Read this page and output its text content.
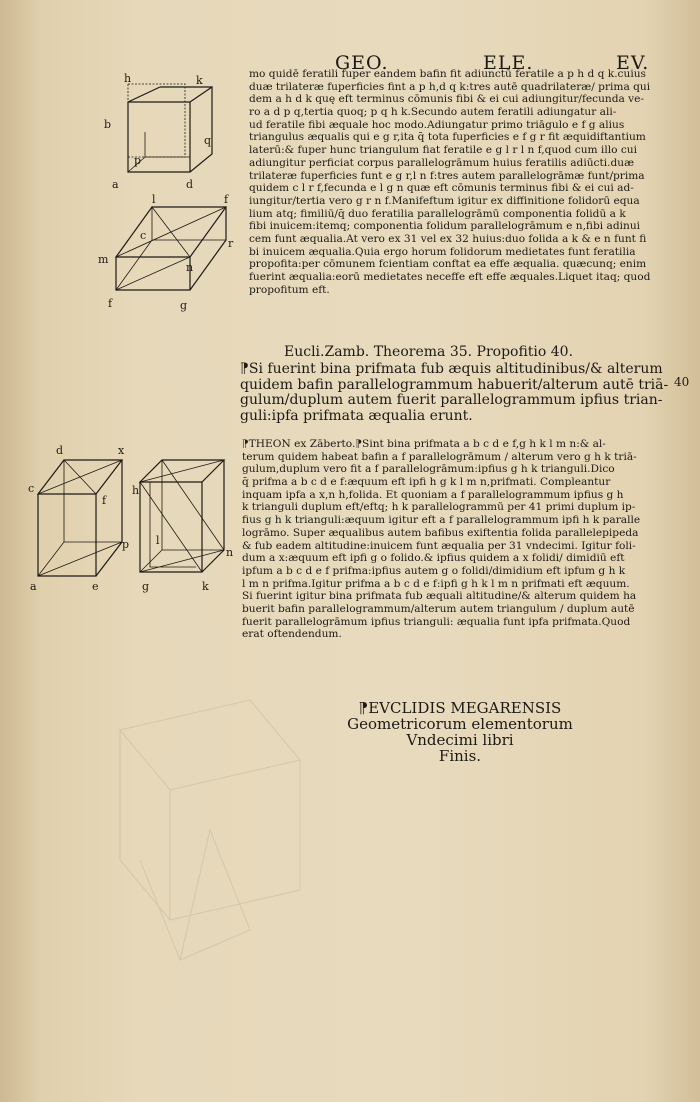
GEO.	ELE.	EV.
h	k
b
q
p
a	d
l	f
c
r
m
n
f	g
d	x
c
f
p
a	e
h
l
n
g	k
mo quidē feratili fuper eandem bafin fit adiunctū feratile a p h d q k.cuius
duæ trilateræ fuperficies fint a p h,d q k:tres autē quadrilateræ/ prima qui
dem a h d k quę eft terminus cōmunis fibi & ei cui adiungitur/fecunda ve-
ro a d p q,tertia quoq; p q h k.Secundo autem feratili adiungatur ali-
ud feratile fibi æquale hoc modo.Adiungatur primo triāgulo e f g alius
triangulus æqualis qui e g r,ita q̄ tota fuperficies e f g r fit æquidiftantium
laterū:& fuper hunc triangulum fiat feratile e g l r l n f,quod cum illo cui
adiungitur perficiat corpus parallelogrāmum huius feratilis adiūcti.duæ
trilateræ fuperficies funt e g r,l n f:tres autem parallelogrāmæ funt/prima
quidem c l r f,fecunda e l g n quæ eft cōmunis terminus fibi & ei cui ad-
iungitur/tertia vero g r n f.Manifeftum igitur ex diffinitione folidorū equa
lium atq; fimiliū/q̄ duo feratilia parallelogrāmū componentia folidū a k
fibi inuicem:itemq; componentia folidum parallelogrāmum e n,fibi adinui
cem funt æqualia.At vero ex 31 vel ex 32 huius:duo folida a k & e n funt fi
bi inuicem æqualia.Quia ergo horum folidorum medietates funt feratilia
propofita:per cōmunem fcientiam conftat ea effe æqualia. quæcunq; enim
fuerint æqualia:eorū medietates neceffe eft effe æquales.Liquet itaq; quod
propofitum eft.
Eucli.Zamb. Theorema 35. Propofitio 40.
⁋Si fuerint bina prifmata fub æquis altitudinibus/& alterum
quidem bafin parallelogrammum habuerit/alterum autē triā-
gulum/duplum autem fuerit parallelogrammum ipfius trian-
guli:ipfa prifmata æqualia erunt.
40
⁋THEON ex Zāberto.⁋Sint bina prifmata a b c d e f,g h k l m n:& al-
terum quidem habeat bafin a f parallelogrāmum / alterum vero g h k triā-
gulum,duplum vero fit a f parallelogrāmum:ipfius g h k trianguli.Dico
q̄ prifma a b c d e f:æquum eft ipfi h g k l m n,prifmati. Compleantur
inquam ipfa a x,n h,folida. Et quoniam a f parallelogrammum ipfius g h
k trianguli duplum eft/eftq; h k parallelogrammū per 41 primi duplum ip-
fius g h k trianguli:æquum igitur eft a f parallelogrammum ipfi h k paralle
logrāmo. Super æqualibus autem bafibus exiftentia folida parallelepipeda
& fub eadem altitudine:inuicem funt æqualia per 31 vndecimi. Igitur foli-
dum a x:æquum eft ipfi g o folido.& ipfius quidem a x folidi/ dimidiū eft
ipfum a b c d e f prifma:ipfius autem g o folidi/dimidium eft ipfum g h k
l m n prifma.Igitur prifma a b c d e f:ipfi g h k l m n prifmati eft æquum.
Si fuerint igitur bina prifmata fub æquali altitudine/& alterum quidem ha
buerit bafin parallelogrammum/alterum autem triangulum / duplum autē
fuerit parallelogrāmum ipfius trianguli: æqualia funt ipfa prifmata.Quod
erat oftendendum.
⁋EVCLIDIS MEGARENSIS
Geometricorum elementorum
Vndecimi libri
Finis.
